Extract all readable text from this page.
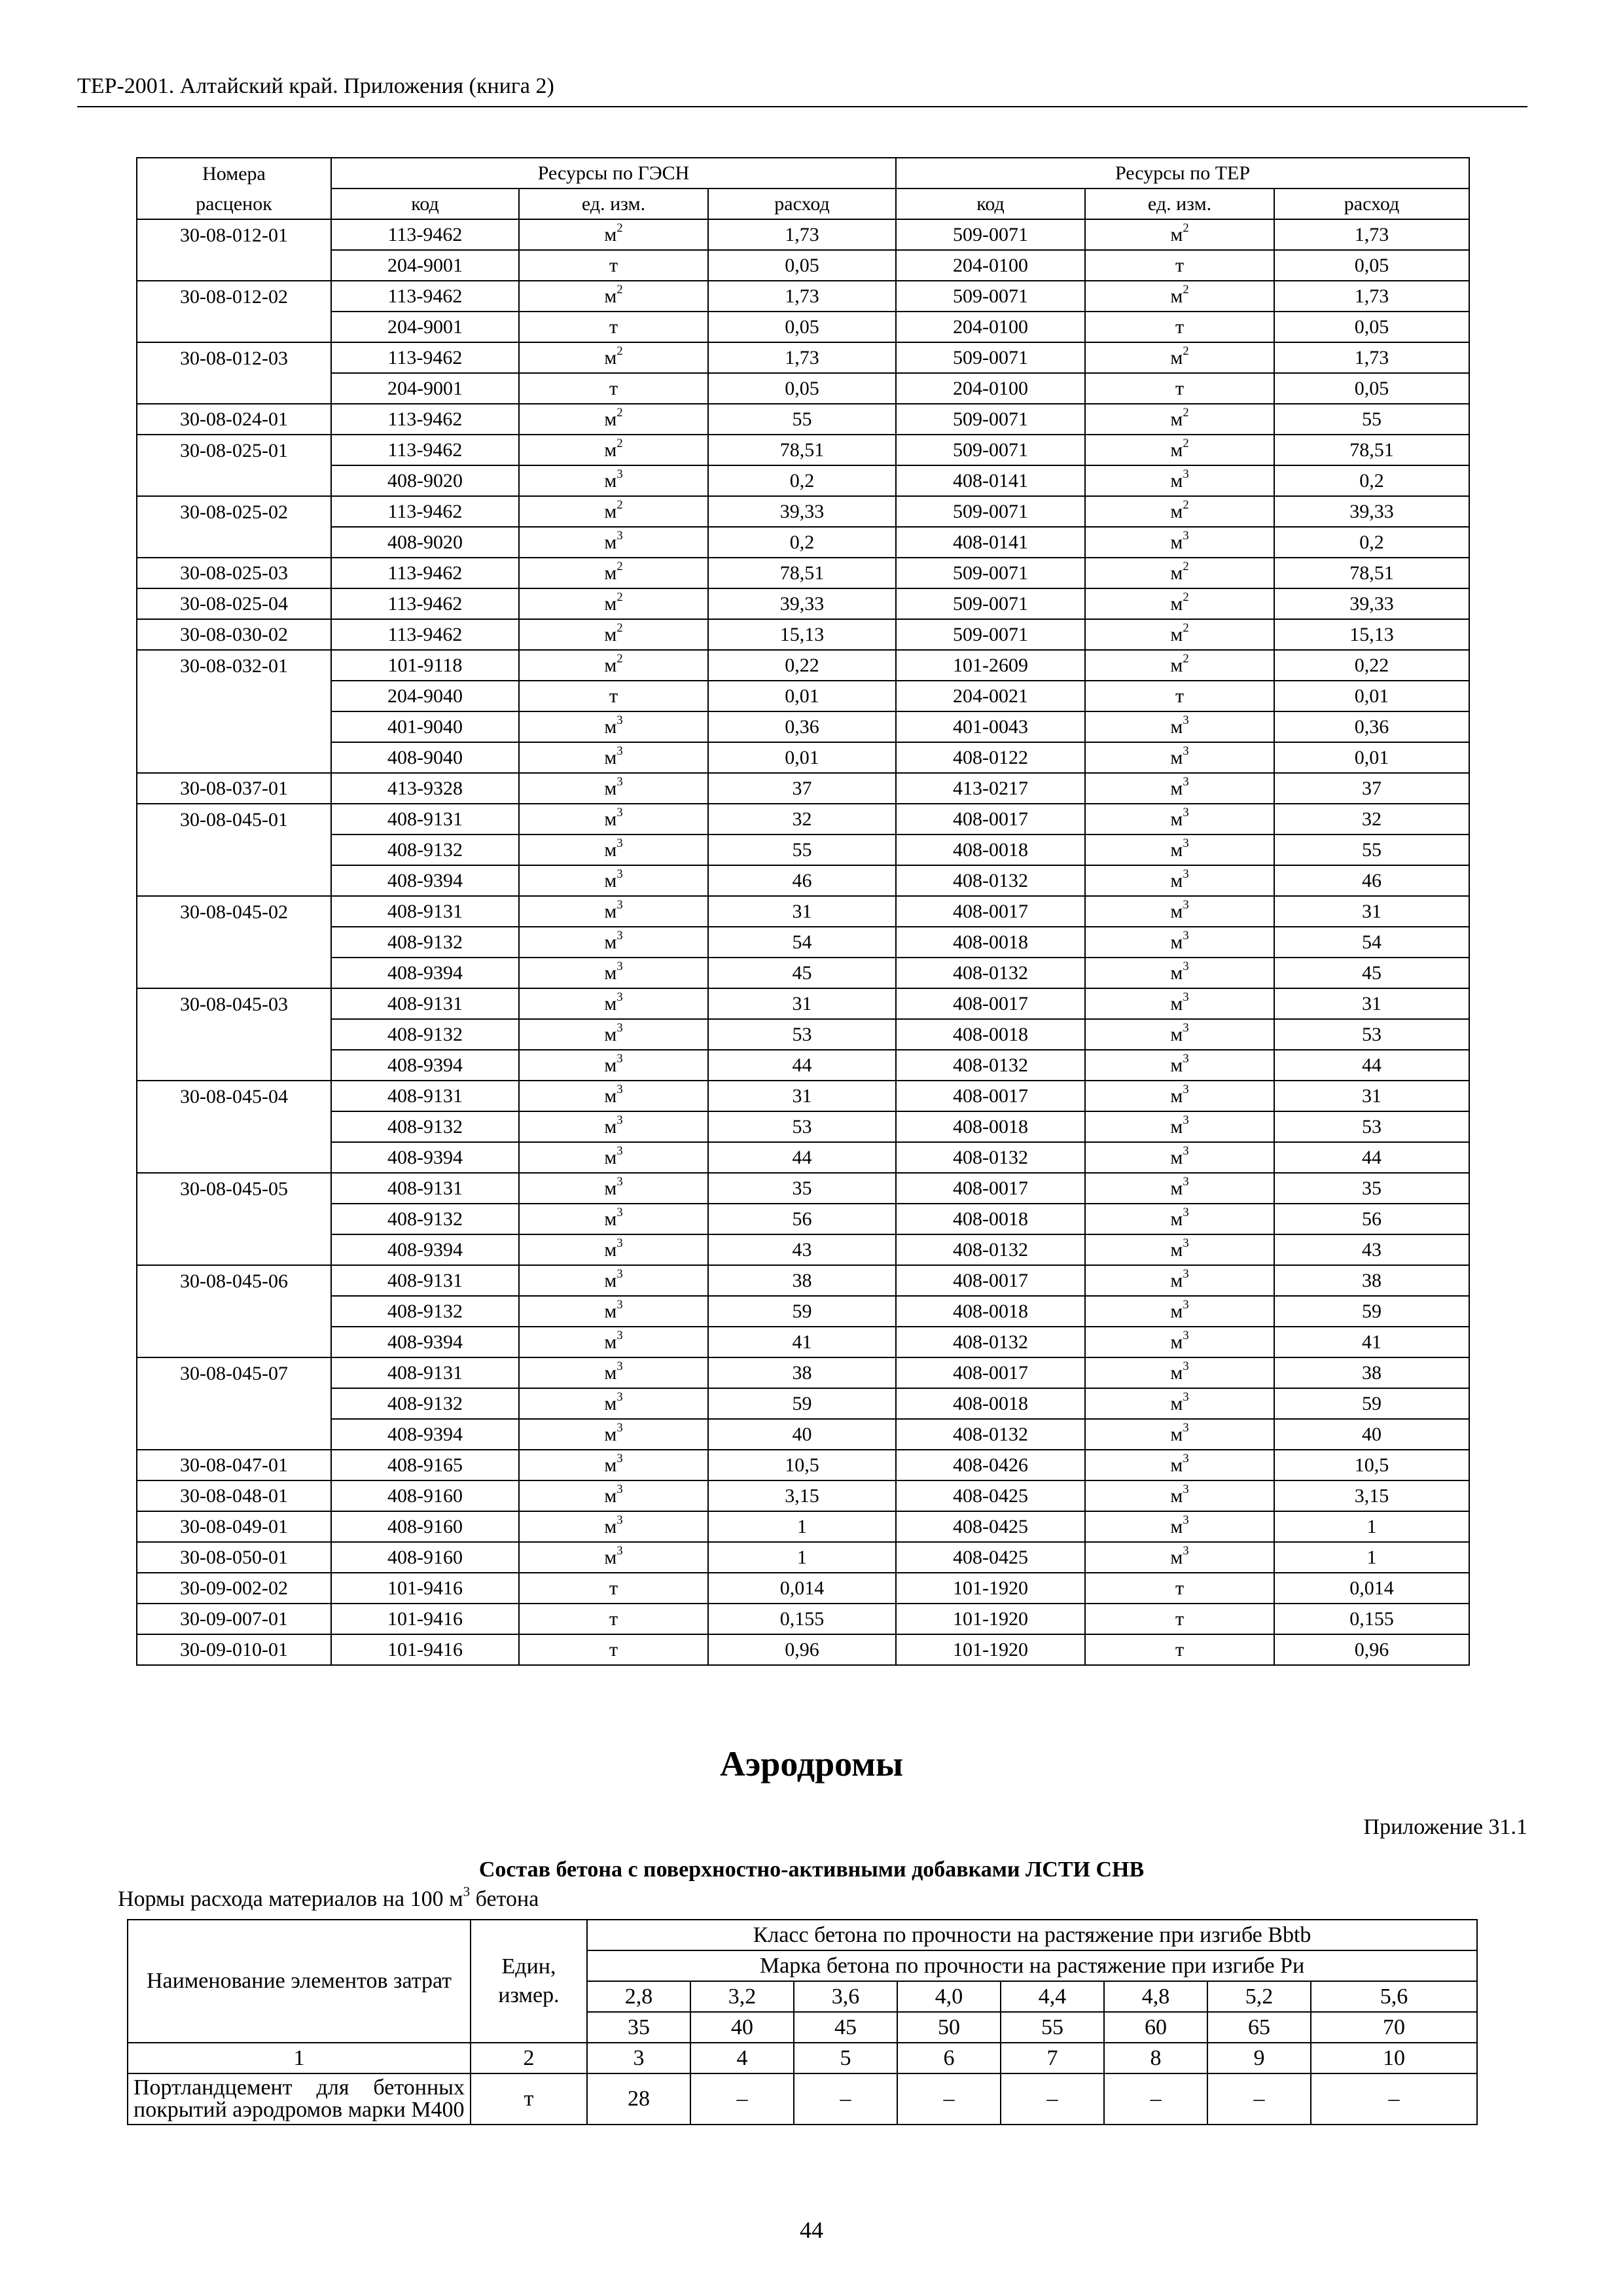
ТЕР-2001. Алтайский край. Приложения (книга 2)
Номера	Ресурсы по ГЭСН			Ресурсы по ТЕР		
расценок	код	ед. изм.	расход	код	ед. изм.	расход
30-08-012-01	113-9462	$м^2$	1,73	509-0071	$м^2$	1,73
	204-9001	т	0,05	204-0100	т	0,05
30-08-012-02	113-9462	$м^2$	1,73	509-0071	$м^2$	1,73
	204-9001	т	0,05	204-0100	т	0,05
30-08-012-03	113-9462	$м^2$	1,73	509-0071	$м^2$	1,73
	204-9001	т	0,05	204-0100	т	0,05
30-08-024-01	113-9462	$м^2$	55	509-0071	$м^2$	55
30-08-025-01	113-9462	$м^2$	78,51	509-0071	$м^2$	78,51
	408-9020	$м^3$	0,2	408-0141	$м^3$	0,2
30-08-025-02	113-9462	$м^2$	39,33	509-0071	$м^2$	39,33
	408-9020	$м^3$	0,2	408-0141	$м^3$	0,2
30-08-025-03	113-9462	$м^2$	78,51	509-0071	$м^2$	78,51
30-08-025-04	113-9462	$м^2$	39,33	509-0071	$м^2$	39,33
30-08-030-02	113-9462	$м^2$	15,13	509-0071	$м^2$	15,13
30-08-032-01	101-9118	$м^2$	0,22	101-2609	$м^2$	0,22
	204-9040	т	0,01	204-0021	т	0,01
	401-9040	$м^3$	0,36	401-0043	$м^3$	0,36
	408-9040	$м^3$	0,01	408-0122	$м^3$	0,01
30-08-037-01	413-9328	$м^3$	37	413-0217	$м^3$	37
30-08-045-01	408-9131	$м^3$	32	408-0017	$м^3$	32
	408-9132	$м^3$	55	408-0018	$м^3$	55
	408-9394	$м^3$	46	408-0132	$м^3$	46
30-08-045-02	408-9131	$м^3$	31	408-0017	$м^3$	31
	408-9132	$м^3$	54	408-0018	$м^3$	54
	408-9394	$м^3$	45	408-0132	$м^3$	45
30-08-045-03	408-9131	$м^3$	31	408-0017	$м^3$	31
	408-9132	$м^3$	53	408-0018	$м^3$	53
	408-9394	$м^3$	44	408-0132	$м^3$	44
30-08-045-04	408-9131	$м^3$	31	408-0017	$м^3$	31
	408-9132	$м^3$	53	408-0018	$м^3$	53
	408-9394	$м^3$	44	408-0132	$м^3$	44
30-08-045-05	408-9131	$м^3$	35	408-0017	$м^3$	35
	408-9132	$м^3$	56	408-0018	$м^3$	56
	408-9394	$м^3$	43	408-0132	$м^3$	43
30-08-045-06	408-9131	$м^3$	38	408-0017	$м^3$	38
	408-9132	$м^3$	59	408-0018	$м^3$	59
	408-9394	$м^3$	41	408-0132	$м^3$	41
30-08-045-07	408-9131	$м^3$	38	408-0017	$м^3$	38
	408-9132	$м^3$	59	408-0018	$м^3$	59
	408-9394	$м^3$	40	408-0132	$м^3$	40
30-08-047-01	408-9165	$м^3$	10,5	408-0426	$м^3$	10,5
30-08-048-01	408-9160	$м^3$	3,15	408-0425	$м^3$	3,15
30-08-049-01	408-9160	$м^3$	1	408-0425	$м^3$	1
30-08-050-01	408-9160	$м^3$	1	408-0425	$м^3$	1
30-09-002-02	101-9416	т	0,014	101-1920	т	0,014
30-09-007-01	101-9416	т	0,155	101-1920	т	0,155
30-09-010-01	101-9416	т	0,96	101-1920	т	0,96
Аэродромы
Приложение 31.1
Состав бетона с поверхностно-активными добавками ЛСТИ СНВ
Нормы расхода материалов на 100 $м^3$ бетона
Наименование элементов затрат	Един, измер.	Класс бетона по прочности на растяжение при изгибе Bbtb							
		Марка бетона по прочности на растяжение при изгибе Ри							
		2,8	3,2	3,6	4,0	4,4	4,8	5,2	5,6
		35	40	45	50	55	60	65	70
1	2	3	4	5	6	7	8	9	10
Портландцемент для бетонных покрытий аэродромов марки М400	т	28	–	–	–	–	–	–	–
44
